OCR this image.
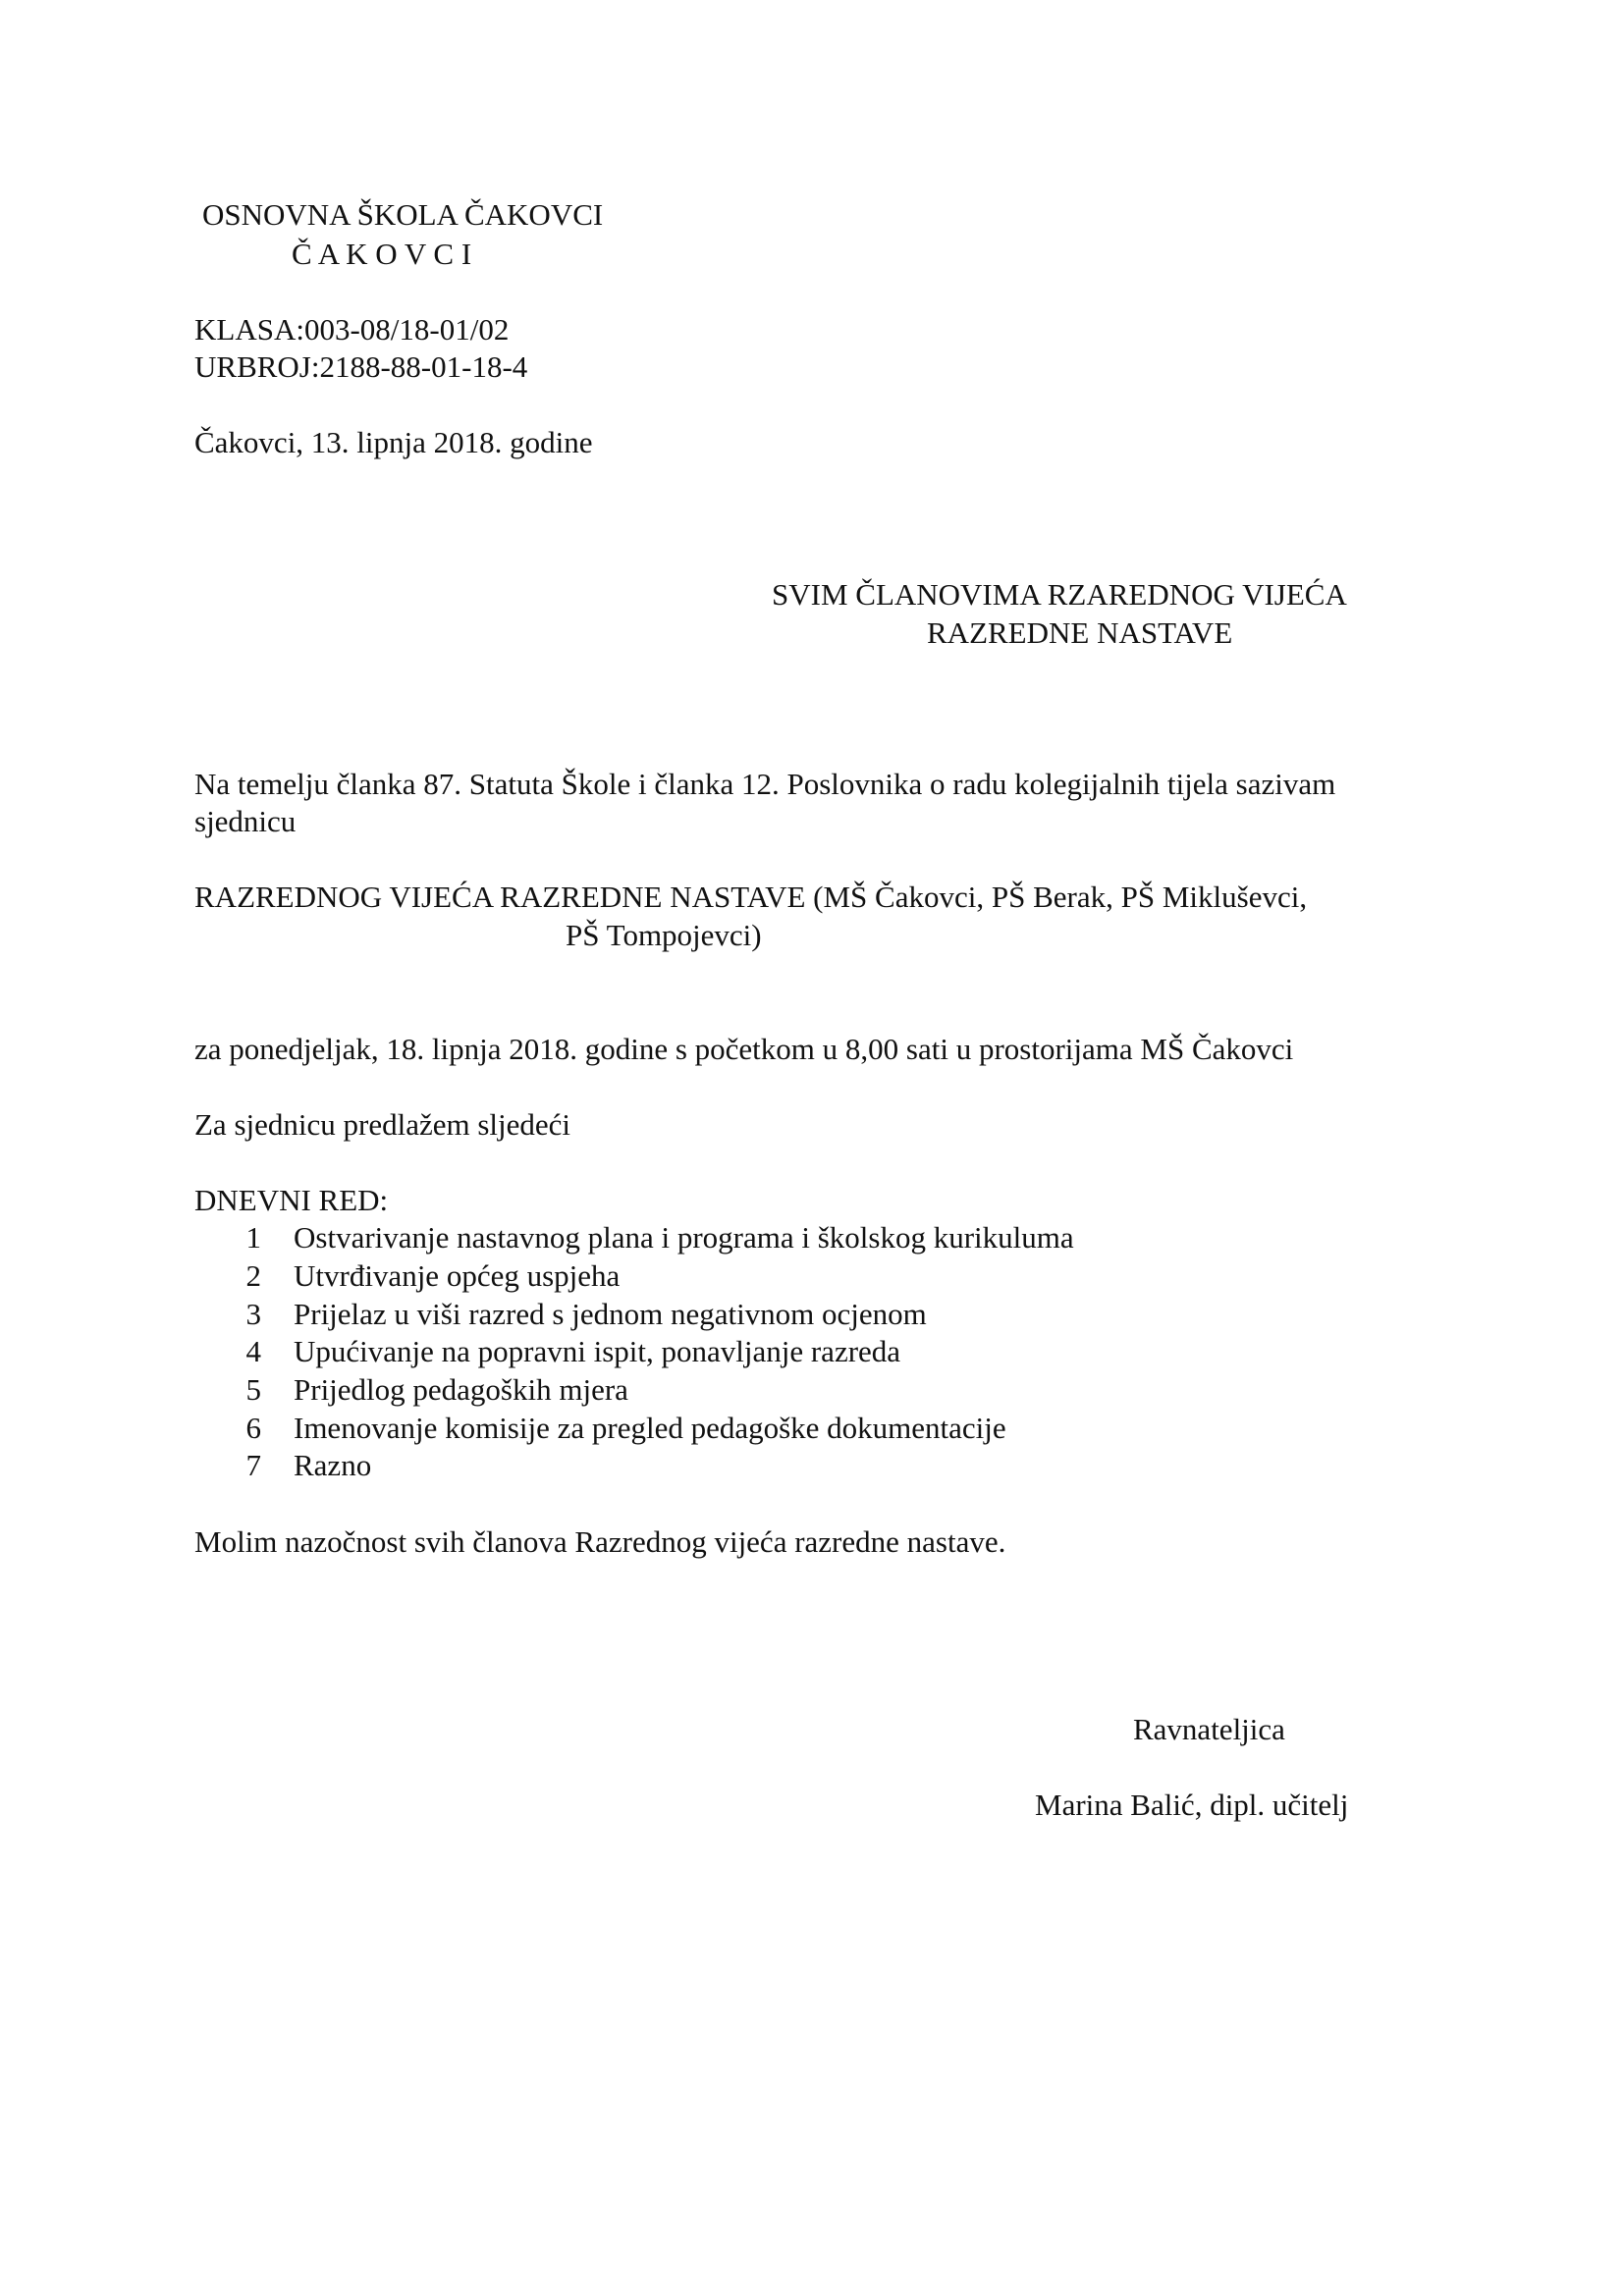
OSNOVNA ŠKOLA ČAKOVCI
Č A K O V C I
KLASA:003-08/18-01/02
URBROJ:2188-88-01-18-4
Čakovci, 13. lipnja 2018. godine
SVIM ČLANOVIMA RZAREDNOG VIJEĆA
RAZREDNE NASTAVE
Na temelju članka 87. Statuta Škole i članka 12. Poslovnika o radu kolegijalnih tijela sazivam
sjednicu
RAZREDNOG VIJEĆA RAZREDNE NASTAVE (MŠ Čakovci, PŠ Berak, PŠ Mikluševci,
PŠ Tompojevci)
za ponedjeljak, 18. lipnja 2018. godine s početkom u 8,00 sati u prostorijama MŠ Čakovci
Za sjednicu predlažem sljedeći
DNEVNI RED:
1 Ostvarivanje nastavnog plana i programa i školskog kurikuluma
2 Utvrđivanje općeg uspjeha
3 Prijelaz u viši razred s jednom negativnom ocjenom
4 Upućivanje na popravni ispit, ponavljanje razreda
5 Prijedlog pedagoških mjera
6 Imenovanje komisije za pregled pedagoške dokumentacije
7 Razno
Molim nazočnost svih članova Razrednog vijeća razredne nastave.
Ravnateljica
Marina Balić, dipl. učitelj
